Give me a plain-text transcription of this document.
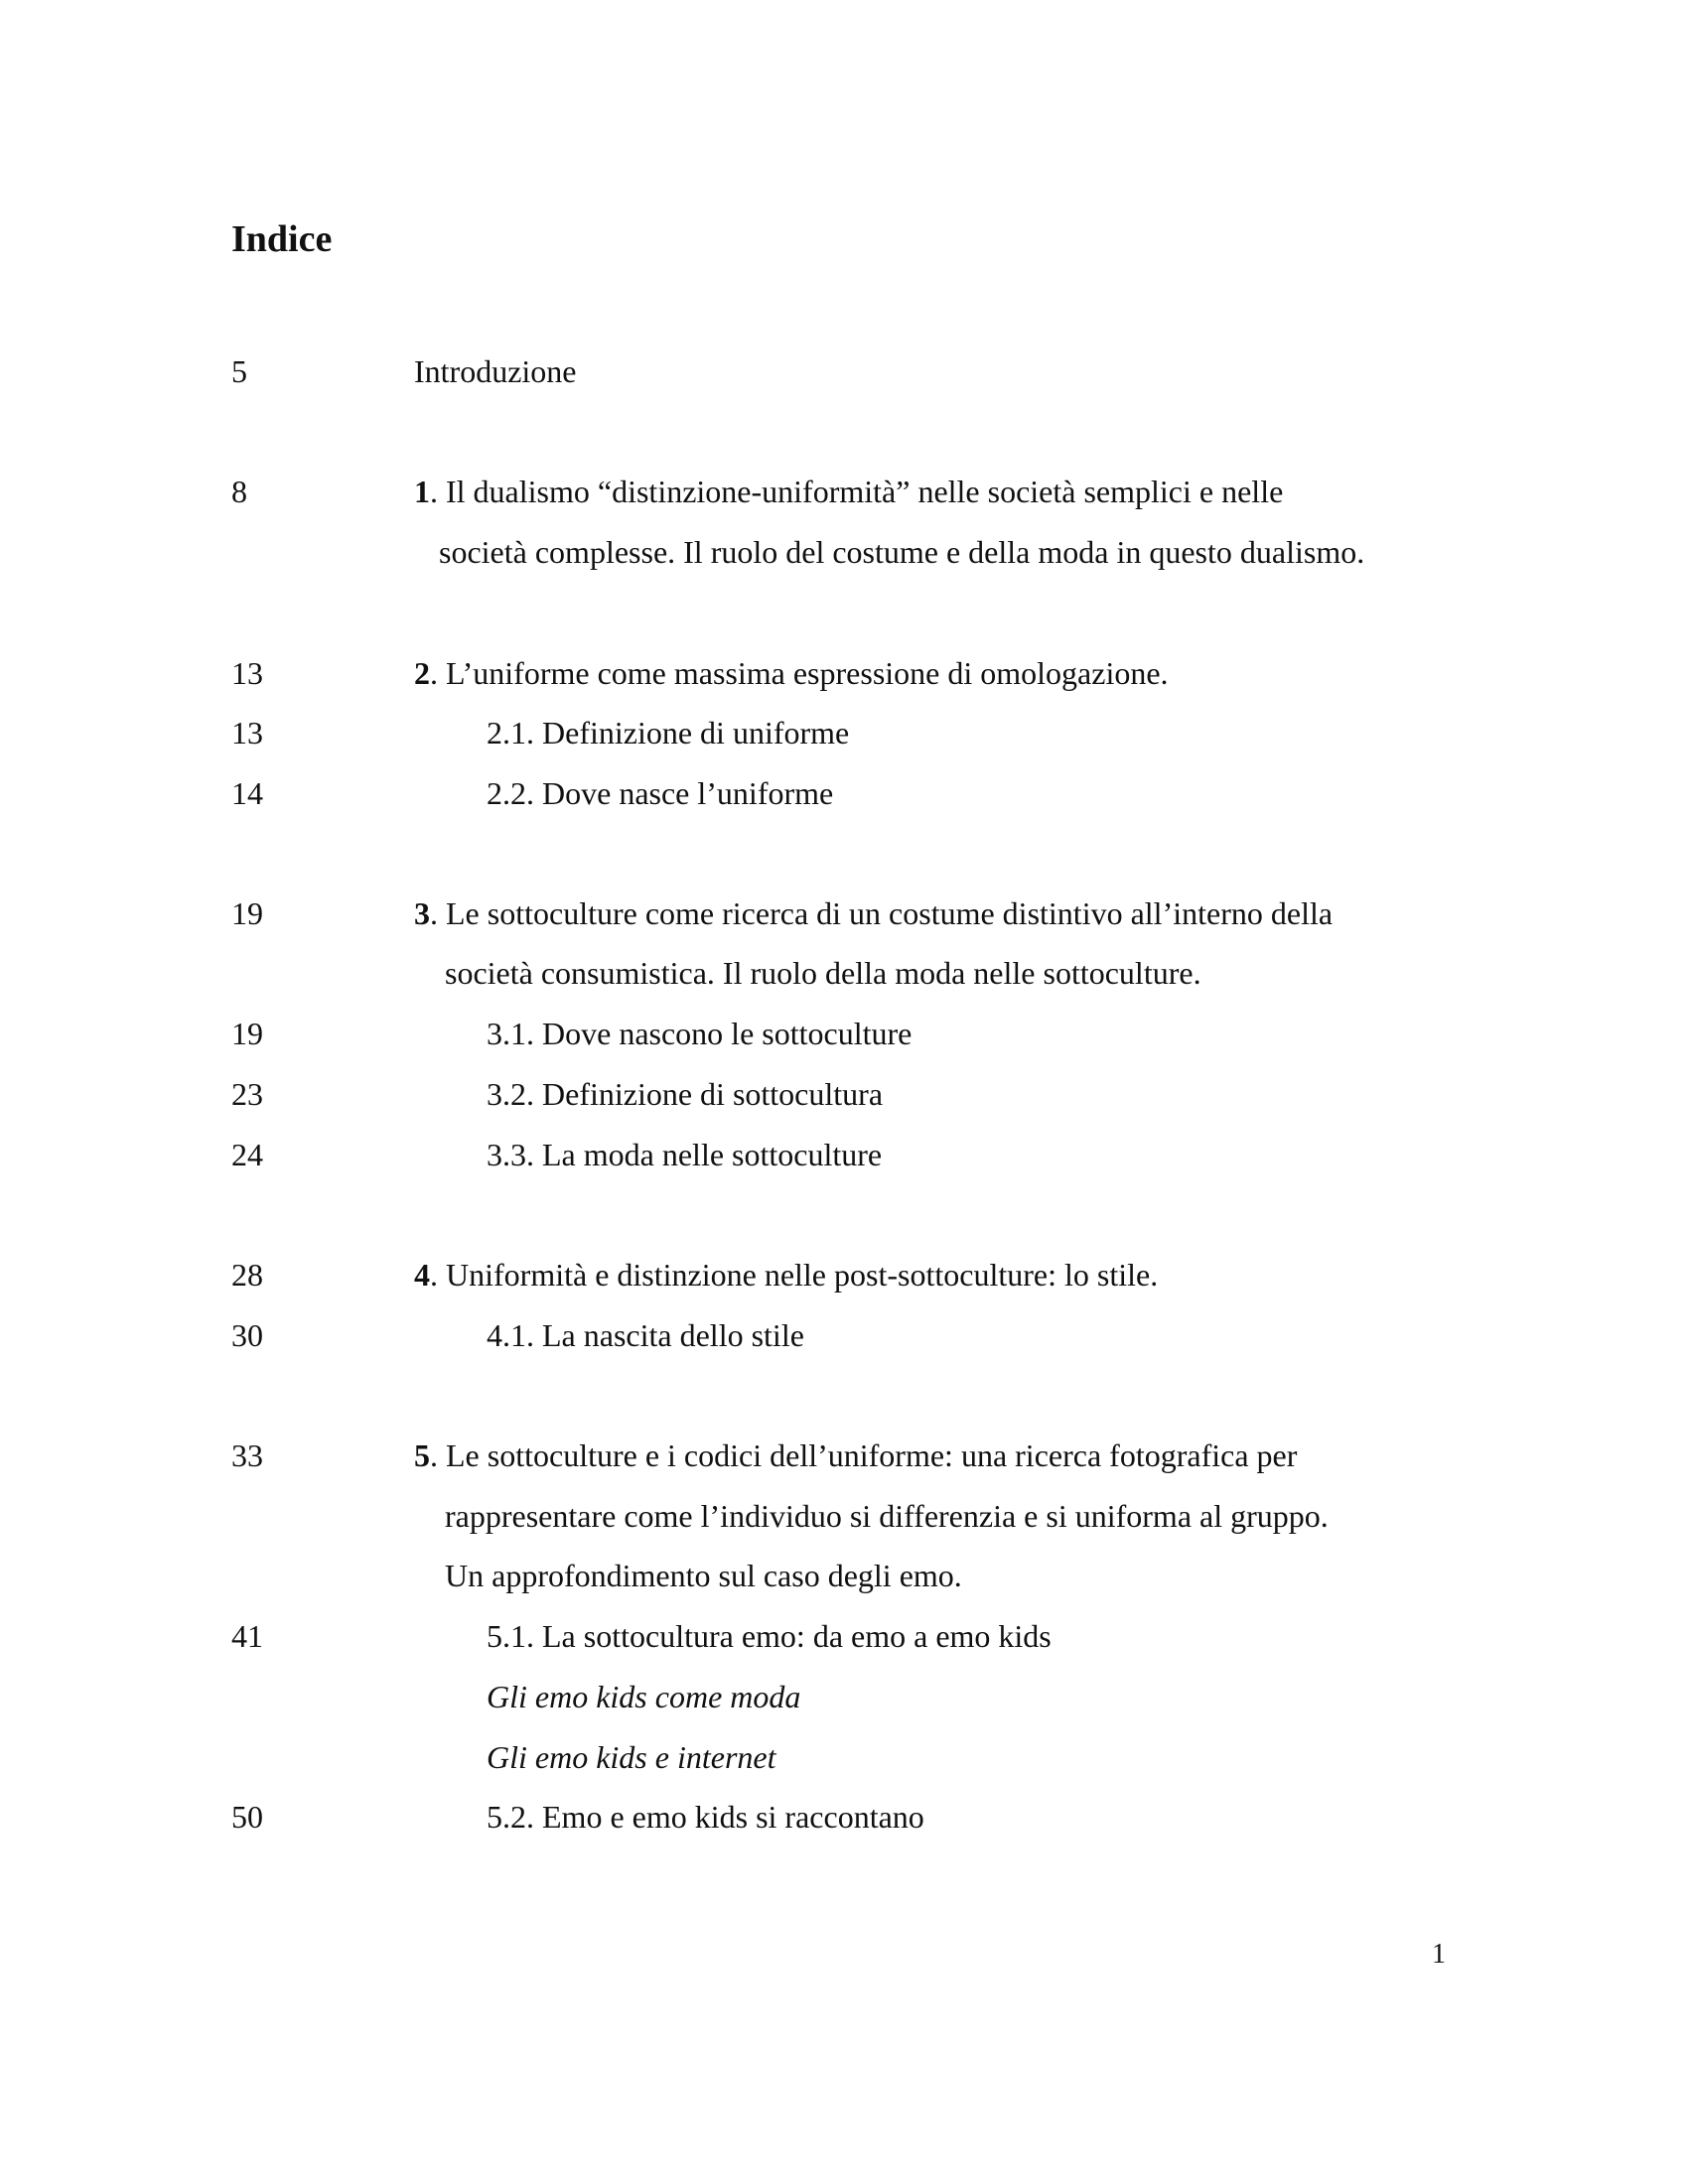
Indice
5	Introduzione
8	1. Il dualismo “distinzione-uniformità” nelle società semplici e nelle
società complesse. Il ruolo del costume e della moda in questo dualismo.
13	2. L’uniforme come massima espressione di omologazione.
13	2.1. Definizione di uniforme
14	2.2. Dove nasce l’uniforme
19	3. Le sottoculture come ricerca di un costume distintivo all’interno della
società consumistica. Il ruolo della moda nelle sottoculture.
19	3.1. Dove nascono le sottoculture
23	3.2. Definizione di sottocultura
24	3.3. La moda nelle sottoculture
28	4. Uniformità e distinzione nelle post-sottoculture: lo stile.
30	4.1. La nascita dello stile
33	5. Le sottoculture e i codici dell’uniforme: una ricerca fotografica per
rappresentare come l’individuo si differenzia e si uniforma al gruppo.
Un approfondimento sul caso degli emo.
41	5.1. La sottocultura emo: da emo a emo kids
Gli emo kids come moda
Gli emo kids e internet
50	5.2. Emo e emo kids si raccontano
1
